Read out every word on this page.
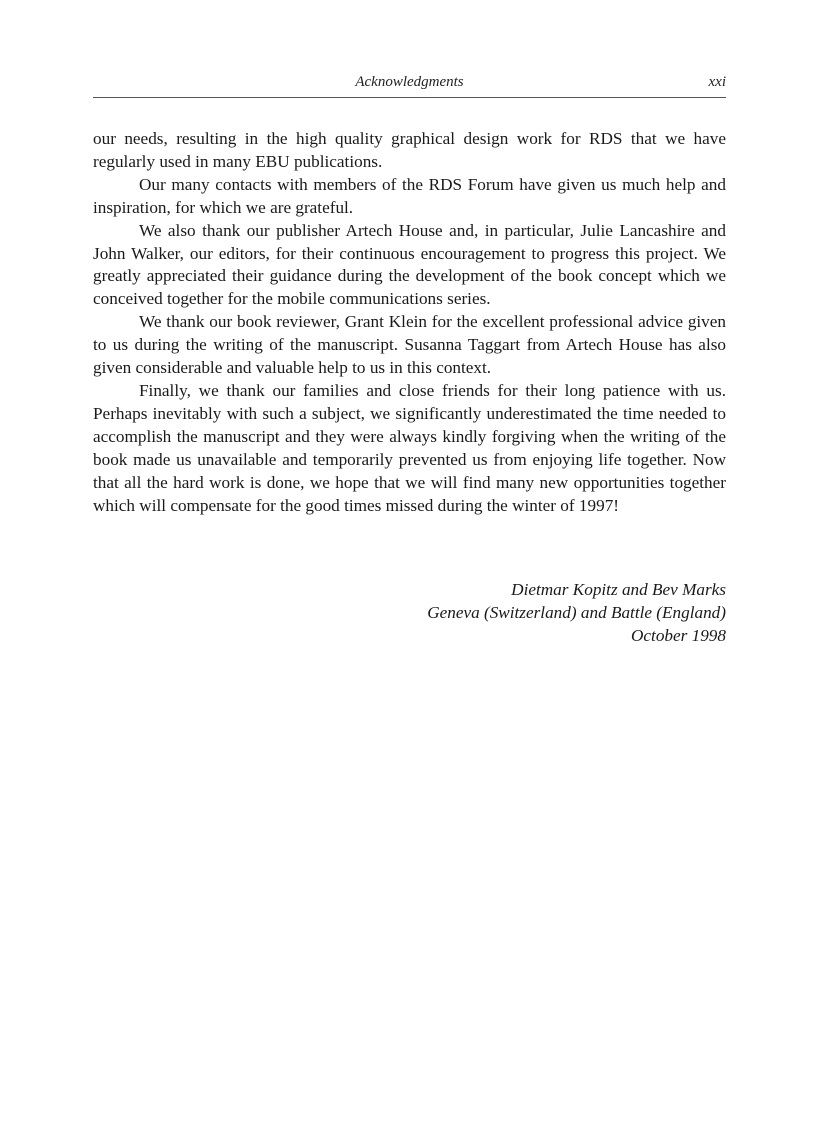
Acknowledgments	xxi

our needs, resulting in the high quality graphical design work for RDS that we have regularly used in many EBU publications.

Our many contacts with members of the RDS Forum have given us much help and inspiration, for which we are grateful.

We also thank our publisher Artech House and, in particular, Julie Lancashire and John Walker, our editors, for their continuous encouragement to progress this project. We greatly appreciated their guidance during the development of the book concept which we conceived together for the mobile communications series.

We thank our book reviewer, Grant Klein for the excellent professional advice given to us during the writing of the manuscript. Susanna Taggart from Artech House has also given considerable and valuable help to us in this context.

Finally, we thank our families and close friends for their long patience with us. Perhaps inevitably with such a subject, we significantly underestimated the time needed to accomplish the manuscript and they were always kindly forgiving when the writing of the book made us unavailable and temporarily prevented us from enjoying life together. Now that all the hard work is done, we hope that we will find many new opportunities together which will compensate for the good times missed during the winter of 1997!

Dietmar Kopitz and Bev Marks
Geneva (Switzerland) and Battle (England)
October 1998
